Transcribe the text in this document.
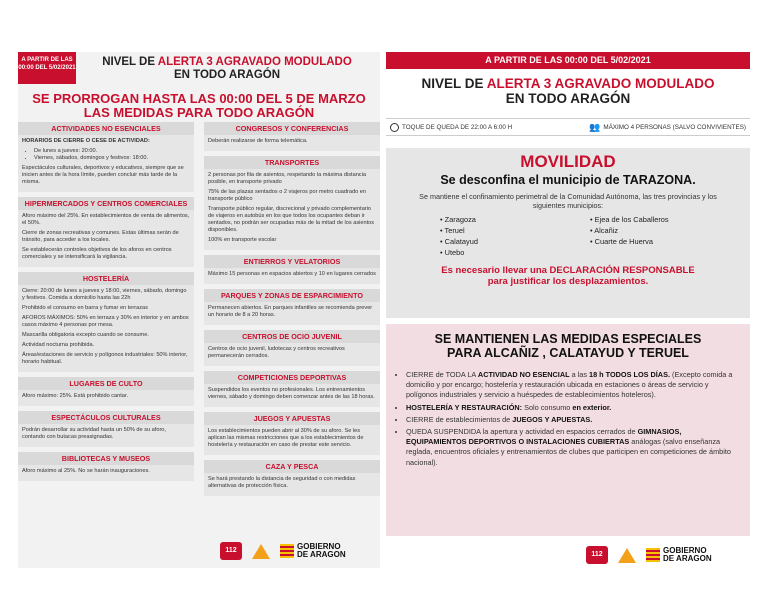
A PARTIR DE LAS 00:00 DEL 5/02/2021	NIVEL DE ALERTA 3 AGRAVADO MODULADO
EN TODO ARAGÓN
SE PRORROGAN HASTA LAS 00:00 DEL 5 DE MARZO
LAS MEDIDAS PARA TODO ARAGÓN
ACTIVIDADES NO ESENCIALES

HORARIOS DE CIERRE O CESE DE ACTIVIDAD:

• De lunes a jueves: 20:00.
• Viernes, sábados, domingos y festivos: 18:00.

Espectáculos culturales, deportivos y educativos, siempre que se inicien antes de la hora límite, pueden concluir más tarde de la misma.

HIPERMERCADOS Y CENTROS COMERCIALES

Aforo máximo del 25%. En establecimientos de venta de alimentos, el 50%.

Cierre de zonas recreativas y comunes. Estas últimas serán de tránsito, para acceder a los locales.

Se establecerán controles objetivos de los aforos en centros comerciales y se intensificará la vigilancia.

HOSTELERÍA

Cierre: 20:00 de lunes a jueves y 18:00, viernes, sábado, domingo y festivos. Comida a domicilio hasta las 22h

Prohibido el consumo en barra y fumar en terrazas

AFOROS MÁXIMOS: 50% en terraza y 30% en interior y en ambos casos máximo 4 personas por mesa.

Mascarilla obligatoria excepto cuando se consume.

Actividad nocturna prohibida.

Áreas/estaciones de servicio y polígonos industriales: 50% interior, horario habitual.

LUGARES DE CULTO

Aforo máximo: 25%. Está prohibido cantar.

ESPECTÁCULOS CULTURALES

Podrán desarrollar su actividad hasta un 50% de su aforo, contando con butacas preasignadas.

BIBLIOTECAS Y MUSEOS

Aforo máximo al 25%. No se harán inauguraciones.

CONGRESOS Y CONFERENCIAS

Deberán realizarse de forma telemática.

TRANSPORTES

2 personas por fila de asientos, respetando la máxima distancia posible, en transporte privado

75% de las plazas sentados o 2 viajeros por metro cuadrado en transporte público

Transporte público regular, discrecional y privado complementario de viajeros en autobús en los que todos los ocupantes deban ir sentados, no podrán ser ocupadas más de la mitad de los asientos disponibles.

100% en transporte escolar

ENTIERROS Y VELATORIOS

Máximo 15 personas en espacios abiertos y 10 en lugares cerrados

PARQUES Y ZONAS DE ESPARCIMIENTO

Permanecen abiertos. En parques infantiles se recomienda prever un horario de 8 a 20 horas.

CENTROS DE OCIO JUVENIL

Centros de ocio juvenil, ludotecas y centros recreativos permanecerán cerrados.

COMPETICIONES DEPORTIVAS

Suspendidos los eventos no profesionales. Los entrenamientos viernes, sábado y domingo deben comenzar antes de las 18 horas.

JUEGOS Y APUESTAS

Los establecimientos pueden abrir al 30% de su aforo. Se les aplican las mismas restricciones que a los establecimientos de hostelería y restauración en caso de prestar este servicio.

CAZA Y PESCA

Se hará prestando la distancia de seguridad o con medidas alternativas de protección física.

112	GOBIERNO
DE ARAGON
A PARTIR DE LAS 00:00 DEL 5/02/2021
NIVEL DE ALERTA 3 AGRAVADO MODULADO
EN TODO ARAGÓN
TOQUE DE QUEDA DE 22:00 A 6:00 H	👥 MÁXIMO 4 PERSONAS (SALVO CONVIVIENTES)
MOVILIDAD
Se desconfina el municipio de TARAZONA.
Se mantiene el confinamiento perimetral de la Comunidad Autónoma, las tres provincias y los siguientes municipios:
• Zaragoza	• Ejea de los Caballeros
• Teruel	• Alcañiz
• Calatayud	• Cuarte de Huerva
• Utebo
Es necesario llevar una DECLARACIÓN RESPONSABLE
para justificar los desplazamientos.
SE MANTIENEN LAS MEDIDAS ESPECIALES
PARA ALCAÑIZ , CALATAYUD Y TERUEL
• CIERRE de TODA LA ACTIVIDAD NO ESENCIAL a las 18 h TODOS LOS DÍAS. (Excepto comida a domicilio y por encargo; hostelería y restauración ubicada en estaciones o áreas de servicio y polígonos industriales y servicio a huéspedes de establecimientos hoteleros).
• HOSTELERÍA Y RESTAURACIÓN: Solo consumo en exterior.
• CIERRE de establecimientos de JUEGOS Y APUESTAS.
• QUEDA SUSPENDIDA la apertura y actividad en espacios cerrados de GIMNASIOS, EQUIPAMIENTOS DEPORTIVOS O INSTALACIONES CUBIERTAS análogas (salvo enseñanza reglada, encuentros oficiales y entrenamientos de clubes que participen en competiciones de ámbito nacional).
112	GOBIERNO
DE ARAGON
